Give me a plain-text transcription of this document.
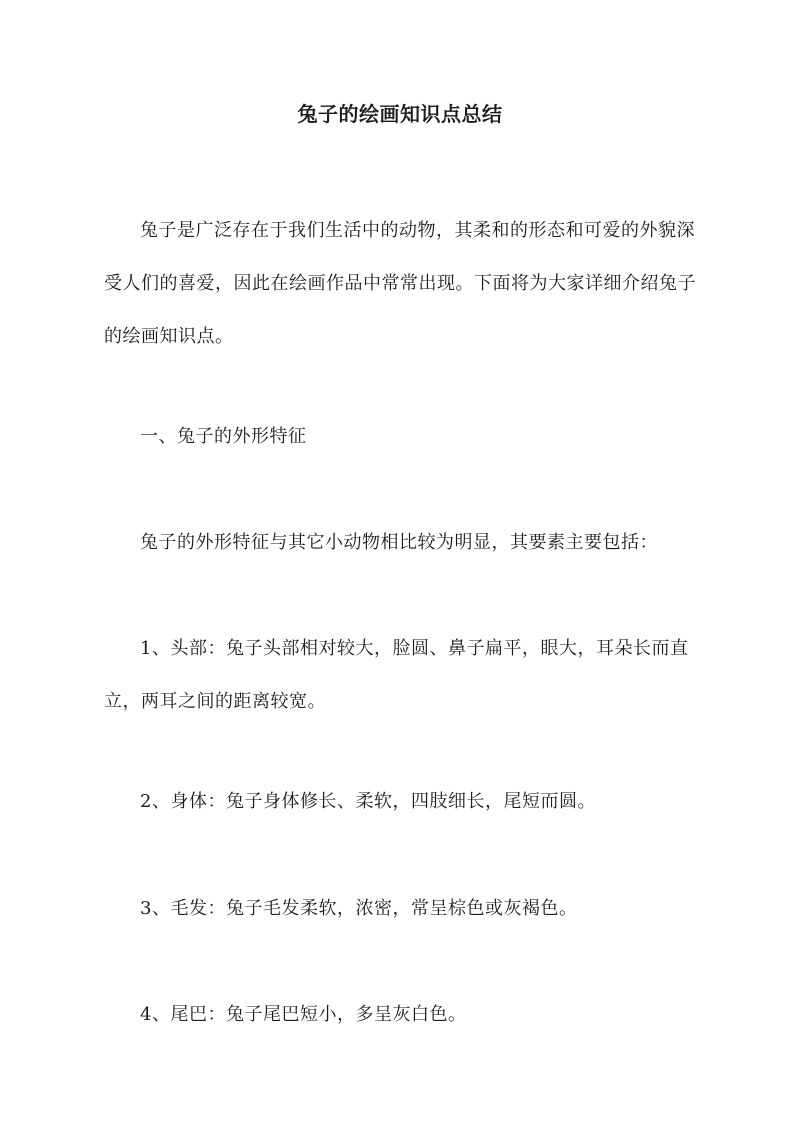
兔子的绘画知识点总结

兔子是广泛存在于我们生活中的动物，其柔和的形态和可爱的外貌深受人们的喜爱，因此在绘画作品中常常出现。下面将为大家详细介绍兔子的绘画知识点。

一、兔子的外形特征

兔子的外形特征与其它小动物相比较为明显，其要素主要包括：

1、头部：兔子头部相对较大，脸圆、鼻子扁平，眼大，耳朵长而直立，两耳之间的距离较宽。

2、身体：兔子身体修长、柔软，四肢细长，尾短而圆。

3、毛发：兔子毛发柔软，浓密，常呈棕色或灰褐色。

4、尾巴：兔子尾巴短小，多呈灰白色。
